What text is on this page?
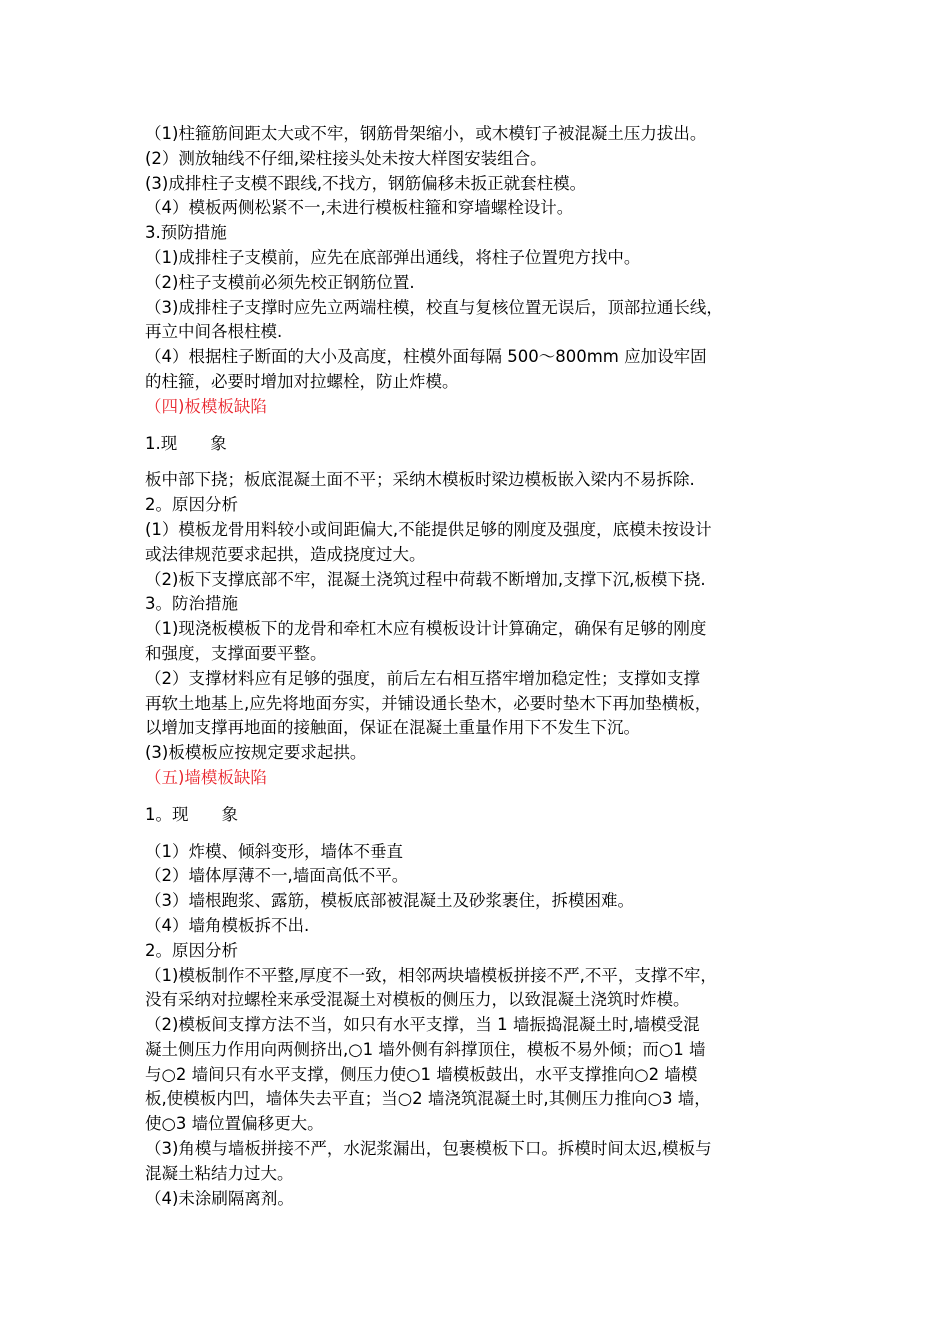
（1)柱箍筋间距太大或不牢，钢筋骨架缩小，或木模钉子被混凝土压力拔出。
(2）测放轴线不仔细,梁柱接头处未按大样图安装组合。
(3)成排柱子支模不跟线,不找方，钢筋偏移未扳正就套柱模。
（4）模板两侧松紧不一,未进行模板柱箍和穿墙螺栓设计。
3.预防措施
（1)成排柱子支模前，应先在底部弹出通线，将柱子位置兜方找中。
（2)柱子支模前必须先校正钢筋位置.
（3)成排柱子支撑时应先立两端柱模，校直与复核位置无误后，顶部拉通长线，
再立中间各根柱模.
（4）根据柱子断面的大小及高度，柱模外面每隔 500～800mm 应加设牢固
的柱箍，必要时增加对拉螺栓，防止炸模。
（四)板模板缺陷
1.现　　象
板中部下挠；板底混凝土面不平；采纳木模板时梁边模板嵌入梁内不易拆除.
2。原因分析
(1）模板龙骨用料较小或间距偏大,不能提供足够的刚度及强度，底模未按设计
或法律规范要求起拱，造成挠度过大。
（2)板下支撑底部不牢，混凝土浇筑过程中荷载不断增加,支撑下沉,板模下挠.
3。防治措施
（1)现浇板模板下的龙骨和牵杠木应有模板设计计算确定，确保有足够的刚度
和强度，支撑面要平整。
（2）支撑材料应有足够的强度，前后左右相互搭牢增加稳定性；支撑如支撑
再软土地基上,应先将地面夯实，并铺设通长垫木，必要时垫木下再加垫横板，
以增加支撑再地面的接触面，保证在混凝土重量作用下不发生下沉。
(3)板模板应按规定要求起拱。
（五)墙模板缺陷
1。现　　象
（1）炸模、倾斜变形，墙体不垂直
（2）墙体厚薄不一,墙面高低不平。
（3）墙根跑浆、露筋，模板底部被混凝土及砂浆裹住，拆模困难。
（4）墙角模板拆不出.
2。原因分析
（1)模板制作不平整,厚度不一致，相邻两块墙模板拼接不严,不平，支撑不牢，
没有采纳对拉螺栓来承受混凝土对模板的侧压力，以致混凝土浇筑时炸模。
（2)模板间支撑方法不当，如只有水平支撑，当 1 墙振捣混凝土时,墙模受混
凝土侧压力作用向两侧挤出,○1 墙外侧有斜撑顶住，模板不易外倾；而○1 墙
与○2 墙间只有水平支撑，侧压力使○1 墙模板鼓出，水平支撑推向○2 墙模
板,使模板内凹，墙体失去平直；当○2 墙浇筑混凝土时,其侧压力推向○3 墙，
使○3 墙位置偏移更大。
（3)角模与墙板拼接不严，水泥浆漏出，包裹模板下口。拆模时间太迟,模板与
混凝土粘结力过大。
（4)未涂刷隔离剂。
